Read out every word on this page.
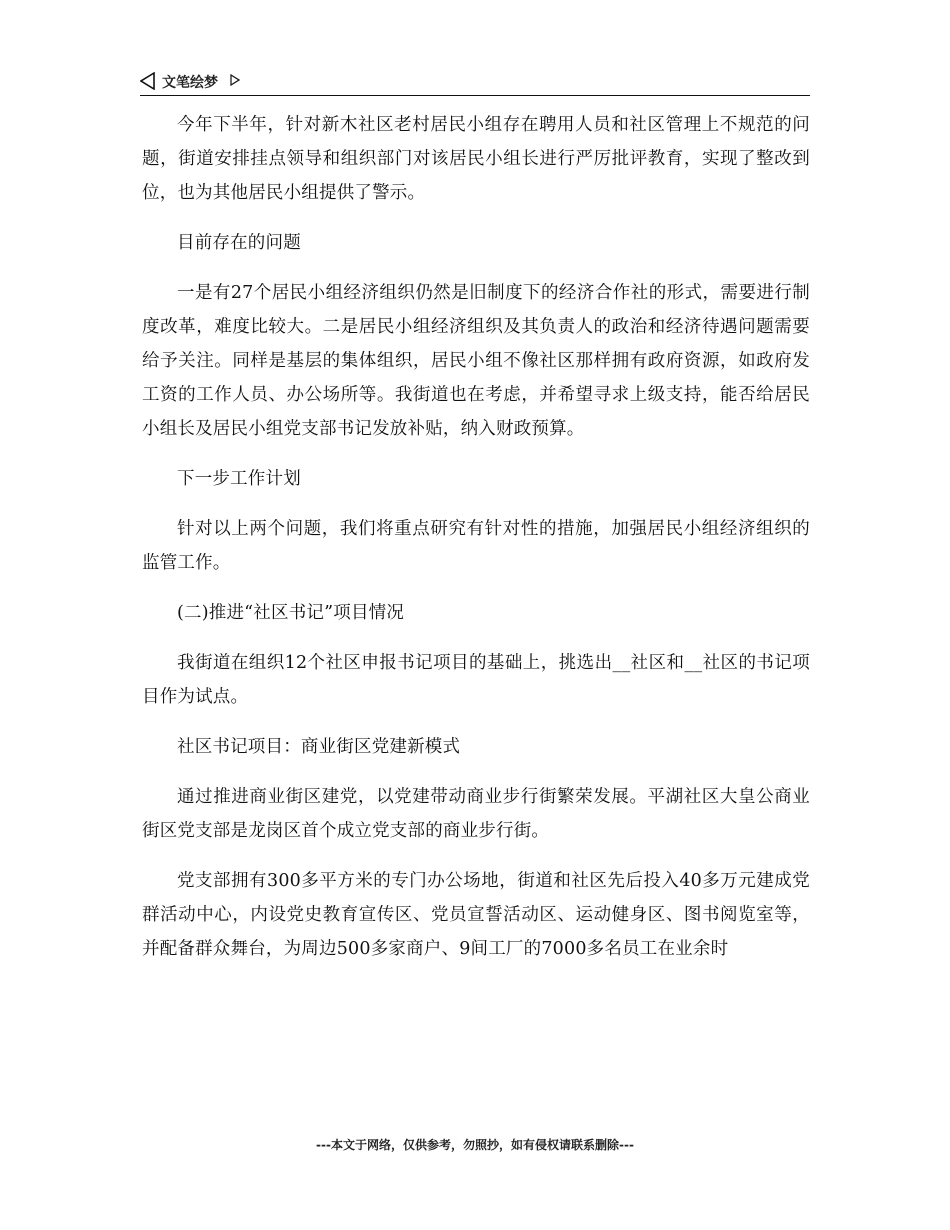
文笔绘梦

今年下半年，针对新木社区老村居民小组存在聘用人员和社区管理上不规范的问题，街道安排挂点领导和组织部门对该居民小组长进行严厉批评教育，实现了整改到位，也为其他居民小组提供了警示。

目前存在的问题

一是有27个居民小组经济组织仍然是旧制度下的经济合作社的形式，需要进行制度改革，难度比较大。二是居民小组经济组织及其负责人的政治和经济待遇问题需要给予关注。同样是基层的集体组织，居民小组不像社区那样拥有政府资源，如政府发工资的工作人员、办公场所等。我街道也在考虑，并希望寻求上级支持，能否给居民小组长及居民小组党支部书记发放补贴，纳入财政预算。

下一步工作计划

针对以上两个问题，我们将重点研究有针对性的措施，加强居民小组经济组织的监管工作。

(二)推进“社区书记”项目情况

我街道在组织12个社区申报书记项目的基础上，挑选出__社区和__社区的书记项目作为试点。

社区书记项目：商业街区党建新模式

通过推进商业街区建党，以党建带动商业步行街繁荣发展。平湖社区大皇公商业街区党支部是龙岗区首个成立党支部的商业步行街。

党支部拥有300多平方米的专门办公场地，街道和社区先后投入40多万元建成党群活动中心，内设党史教育宣传区、党员宣誓活动区、运动健身区、图书阅览室等，并配备群众舞台，为周边500多家商户、9间工厂的7000多名员工在业余时

---本文于网络，仅供参考，勿照抄，如有侵权请联系删除---
